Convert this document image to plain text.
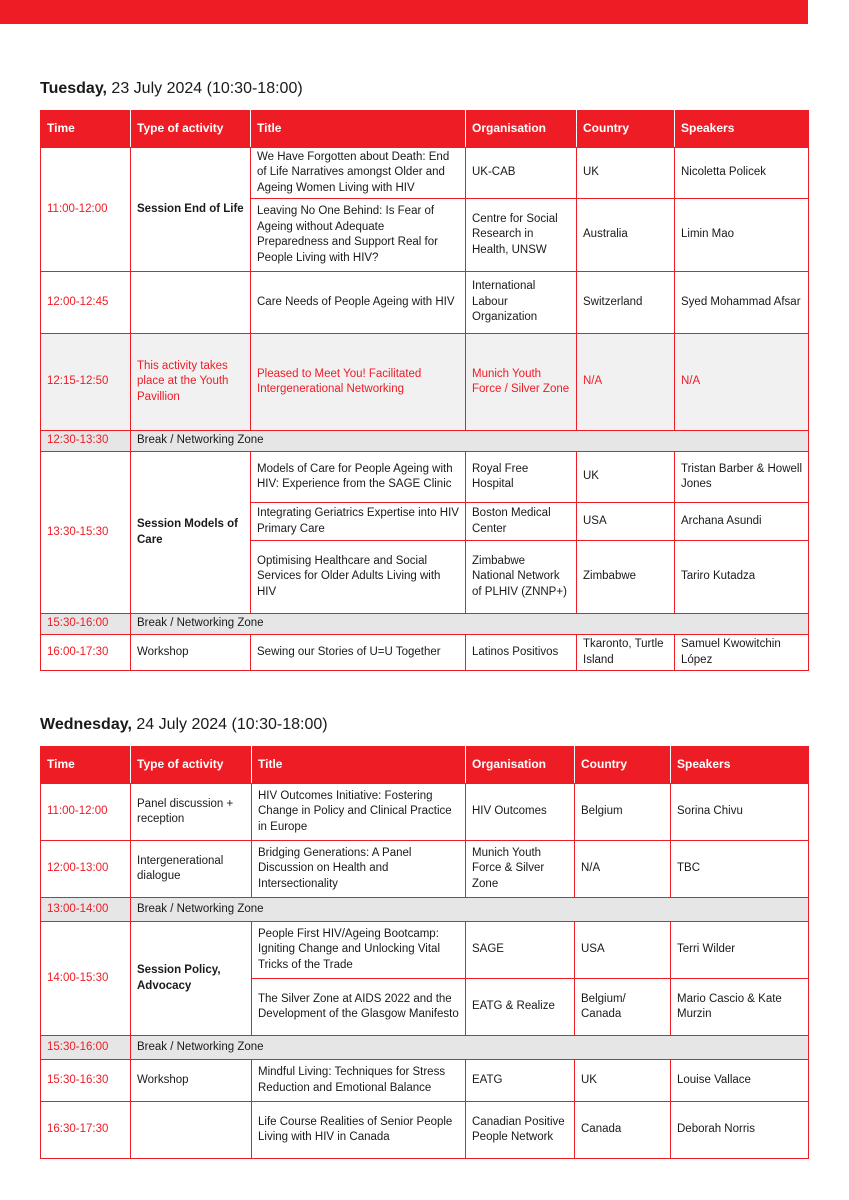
Tuesday, 23 July 2024 (10:30-18:00)
Time	Type of activity	Title	Organisation	Country	Speakers
11:00-12:00	Session End of Life	We Have Forgotten about Death: End of Life Narratives amongst Older and Ageing Women Living with HIV	UK-CAB	UK	Nicoletta Policek
		Leaving No One Behind: Is Fear of Ageing without Adequate Preparedness and Support Real for People Living with HIV?	Centre for Social Research in Health, UNSW	Australia	Limin Mao
12:00-12:45		Care Needs of People Ageing with HIV	International Labour Organization	Switzerland	Syed Mohammad Afsar
12:15-12:50	This activity takes place at the Youth Pavillion	Pleased to Meet You! Facilitated Intergenerational Networking	Munich Youth Force / Silver Zone	N/A	N/A
12:30-13:30	Break / Networking Zone				
13:30-15:30	Session Models of Care	Models of Care for People Ageing with HIV: Experience from the SAGE Clinic	Royal Free Hospital	UK	Tristan Barber & Howell Jones
		Integrating Geriatrics Expertise into HIV Primary Care	Boston Medical Center	USA	Archana Asundi
		Optimising Healthcare and Social Services for Older Adults Living with HIV	Zimbabwe National Network of PLHIV (ZNNP+)	Zimbabwe	Tariro Kutadza
15:30-16:00	Break / Networking Zone				
16:00-17:30	Workshop	Sewing our Stories of U=U Together	Latinos Positivos	Tkaronto, Turtle Island	Samuel Kwowitchin López
Wednesday, 24 July 2024 (10:30-18:00)
Time	Type of activity	Title	Organisation	Country	Speakers
11:00-12:00	Panel discussion + reception	HIV Outcomes Initiative: Fostering Change in Policy and Clinical Practice in Europe	HIV Outcomes	Belgium	Sorina Chivu
12:00-13:00	Intergenerational dialogue	Bridging Generations: A Panel Discussion on Health and Intersectionality	Munich Youth Force & Silver Zone	N/A	TBC
13:00-14:00	Break / Networking Zone				
14:00-15:30	Session Policy, Advocacy	People First HIV/Ageing Bootcamp: Igniting Change and Unlocking Vital Tricks of the Trade	SAGE	USA	Terri Wilder
		The Silver Zone at AIDS 2022 and the Development of the Glasgow Manifesto	EATG & Realize	Belgium/ Canada	Mario Cascio & Kate Murzin
15:30-16:00	Break / Networking Zone				
15:30-16:30	Workshop	Mindful Living: Techniques for Stress Reduction and Emotional Balance	EATG	UK	Louise Vallace
16:30-17:30		Life Course Realities of Senior People Living with HIV in Canada	Canadian Positive People Network	Canada	Deborah Norris
